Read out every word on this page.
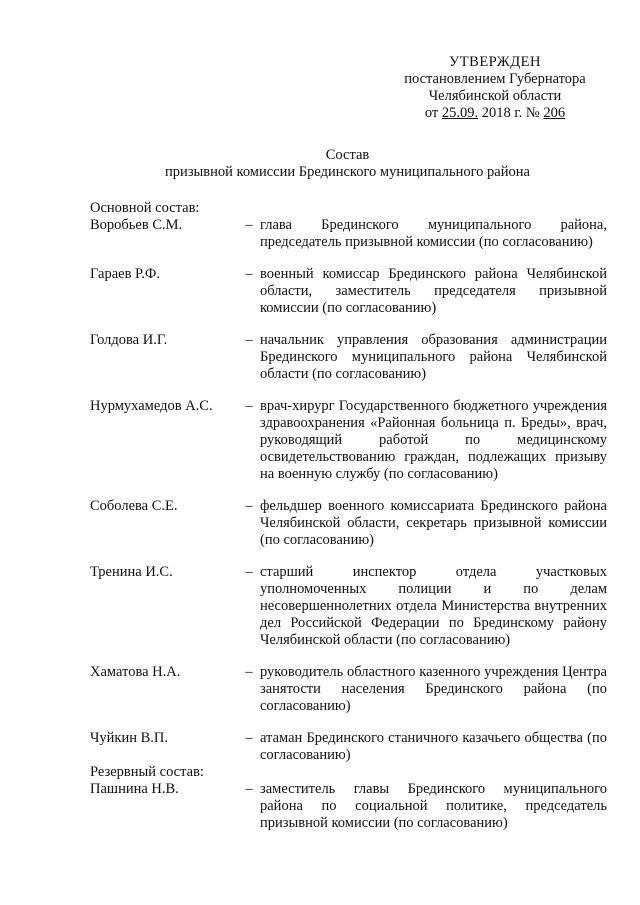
УТВЕРЖДЕН
постановлением Губернатора
Челябинской области
от 25.09. 2018 г. № 206
Состав
призывной комиссии Брединского муниципального района
Основной состав:
Воробьев С.М.	– глава Брединского муниципального района, председатель призывной комиссии (по согласованию)
Гараев Р.Ф.	– военный комиссар Брединского района Челябинской области, заместитель председателя призывной комиссии (по согласованию)
Голдова И.Г.	– начальник управления образования администрации Брединского муниципального района Челябинской области (по согласованию)
Нурмухамедов А.С.	– врач-хирург Государственного бюджетного учреждения здравоохранения «Районная больница п. Бреды», врач, руководящий работой по медицинскому освидетельствованию граждан, подлежащих призыву на военную службу (по согласованию)
Соболева С.Е.	– фельдшер военного комиссариата Брединского района Челябинской области, секретарь призывной комиссии (по согласованию)
Тренина И.С.	– старший инспектор отдела участковых уполномоченных полиции и по делам несовершеннолетних отдела Министерства внутренних дел Российской Федерации по Брединскому району Челябинской области (по согласованию)
Хаматова Н.А.	– руководитель областного казенного учреждения Центра занятости населения Брединского района (по согласованию)
Чуйкин В.П.	– атаман Брединского станичного казачьего общества (по согласованию)
Резервный состав:
Пашнина Н.В.	– заместитель главы Брединского муниципального района по социальной политике, председатель призывной комиссии (по согласованию)
